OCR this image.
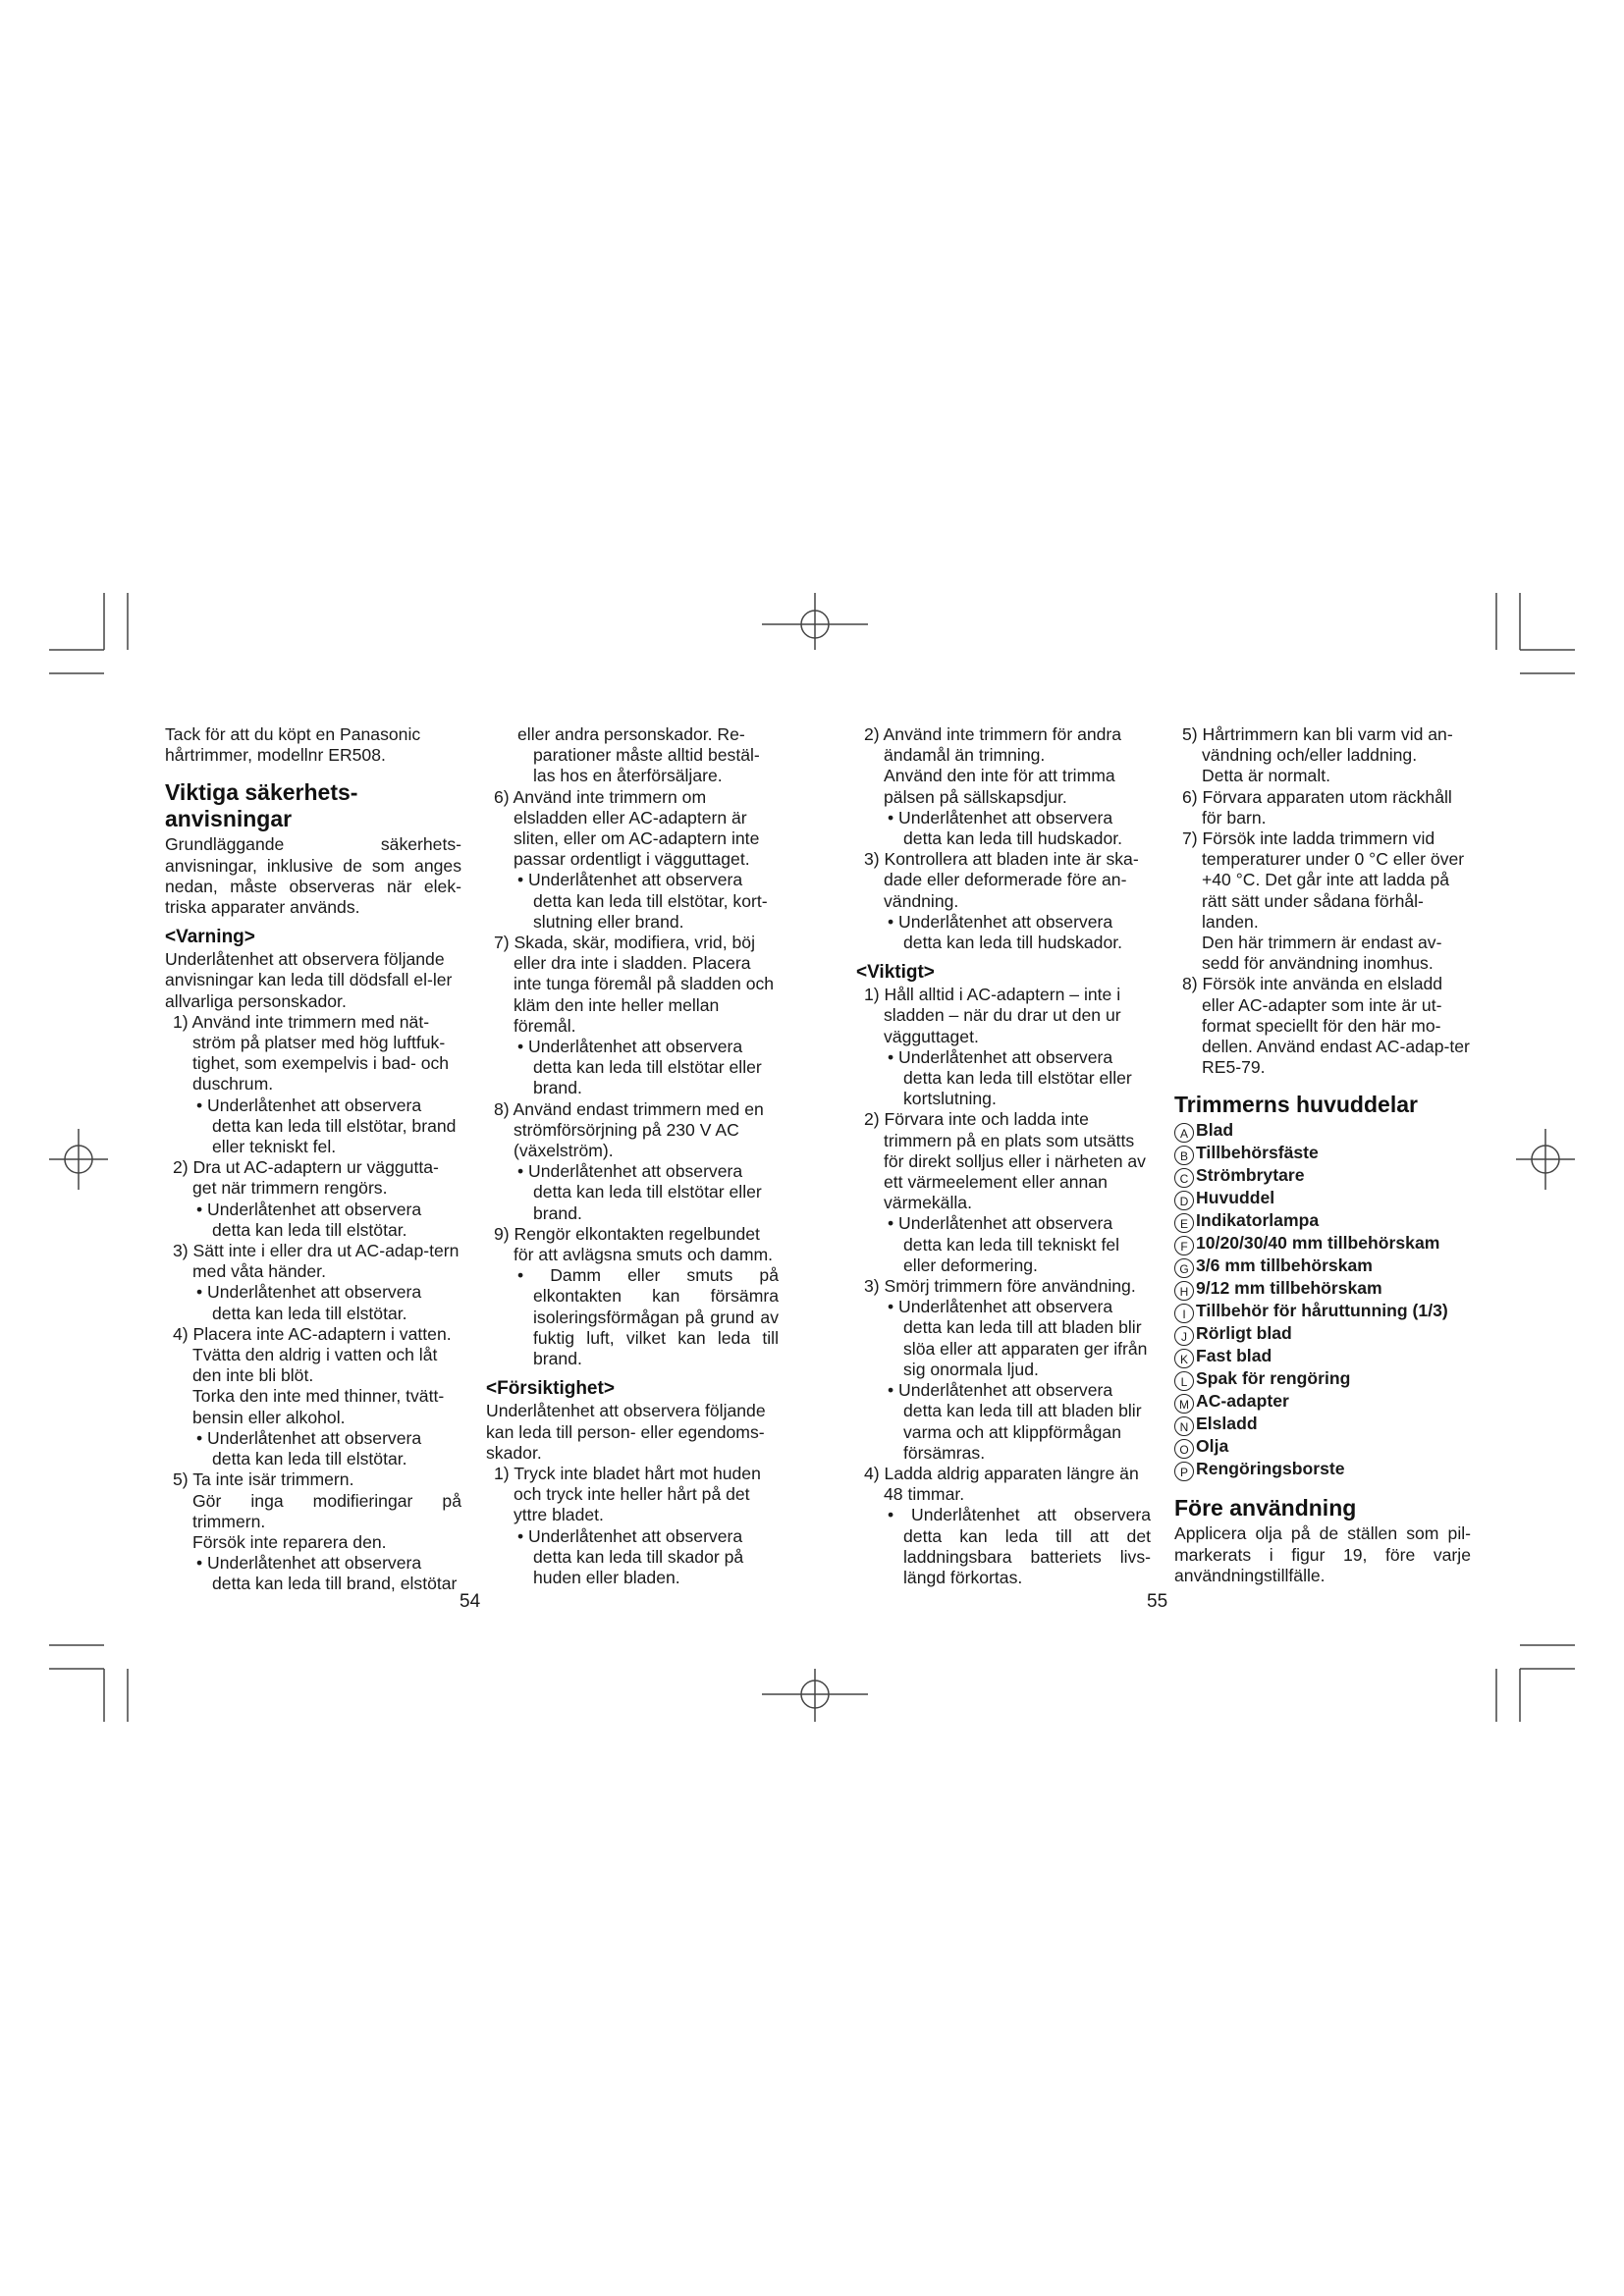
Tack för att du köpt en Panasonic hårtrimmer, modellnr ER508.

Viktiga säkerhets-anvisningar

Grundläggande säkerhets-anvisningar, inklusive de som anges nedan, måste observeras när elek-triska apparater används.

<Varning>

Underlåtenhet att observera följande anvisningar kan leda till dödsfall el-ler allvarliga personskador.

1) Använd inte trimmern med nät-ström på platser med hög luftfuk-tighet, som exempelvis i bad- och duschrum.

• Underlåtenhet att observera detta kan leda till elstötar, brand eller tekniskt fel.

2) Dra ut AC-adaptern ur vägguttа-get när trimmern rengörs.

• Underlåtenhet att observera detta kan leda till elstötar.

3) Sätt inte i eller dra ut AC-adap-tern med våta händer.

• Underlåtenhet att observera detta kan leda till elstötar.

4) Placera inte AC-adaptern i vatten.

Tvätta den aldrig i vatten och låt den inte bli blöt.

Torka den inte med thinner, tvätt-bensin eller alkohol.

• Underlåtenhet att observera detta kan leda till elstötar.

5) Ta inte isär trimmern.

Gör inga modifieringar på trimmern.

Försök inte reparera den.

• Underlåtenhet att observera detta kan leda till brand, elstötar

eller andra personskador. Re-parationer måste alltid bestäl-las hos en återförsäljare.

6) Använd inte trimmern om elsladden eller AC-adaptern är sliten, eller om AC-adaptern inte passar ordentligt i vägguttaget.

• Underlåtenhet att observera detta kan leda till elstötar, kort-slutning eller brand.

7) Skada, skär, modifiera, vrid, böj eller dra inte i sladden. Placera inte tunga föremål på sladden och kläm den inte heller mellan föremål.

• Underlåtenhet att observera detta kan leda till elstötar eller brand.

8) Använd endast trimmern med en strömförsörjning på 230 V AC (växelström).

• Underlåtenhet att observera detta kan leda till elstötar eller brand.

9) Rengör elkontakten regelbundet för att avlägsna smuts och damm.

• Damm eller smuts på elkontakten kan försämra isoleringsförmågan på grund av fuktig luft, vilket kan leda till brand.

<Försiktighet>

Underlåtenhet att observera följande kan leda till person- eller egendoms-skador.

1) Tryck inte bladet hårt mot huden och tryck inte heller hårt på det yttre bladet.

• Underlåtenhet att observera detta kan leda till skador på huden eller bladen.

2) Använd inte trimmern för andra ändamål än trimning.

Använd den inte för att trimma pälsen på sällskapsdjur.

• Underlåtenhet att observera detta kan leda till hudskador.

3) Kontrollera att bladen inte är ska-dade eller deformerade före an-vändning.

• Underlåtenhet att observera detta kan leda till hudskador.

<Viktigt>

1) Håll alltid i AC-adaptern – inte i sladden – när du drar ut den ur vägguttaget.

• Underlåtenhet att observera detta kan leda till elstötar eller kortslutning.

2) Förvara inte och ladda inte trimmern på en plats som utsätts för direkt solljus eller i närheten av ett värmeelement eller annan värmekälla.

• Underlåtenhet att observera detta kan leda till tekniskt fel eller deformering.

3) Smörj trimmern före användning.

• Underlåtenhet att observera detta kan leda till att bladen blir slöa eller att apparaten ger ifrån sig onormala ljud.

• Underlåtenhet att observera detta kan leda till att bladen blir varma och att klippförmågan försämras.

4) Ladda aldrig apparaten längre än 48 timmar.

• Underlåtenhet att observera detta kan leda till att det laddningsbara batteriets livs-längd förkortas.

5) Hårtrimmern kan bli varm vid an-vändning och/eller laddning.

Detta är normalt.

6) Förvara apparaten utom räckhåll för barn.

7) Försök inte ladda trimmern vid temperaturer under 0 °C eller över +40 °C. Det går inte att ladda på rätt sätt under sådana förhål-landen.

Den här trimmern är endast av-sedd för användning inomhus.

8) Försök inte använda en elsladd eller AC-adapter som inte är ut-format speciellt för den här mo-dellen. Använd endast AC-adap-ter RE5-79.

Trimmerns huvuddelar

A Blad
B Tillbehörsfäste
C Strömbrytare
D Huvuddel
E Indikatorlampa
F 10/20/30/40 mm tillbehörskam
G 3/6 mm tillbehörskam
H 9/12 mm tillbehörskam
I Tillbehör för håruttunning (1/3)
J Rörligt blad
K Fast blad
L Spak för rengöring
M AC-adapter
N Elsladd
O Olja
P Rengöringsborste

Före användning

Applicera olja på de ställen som pil-markerats i figur 19, före varje användningstillfälle.

54	55
